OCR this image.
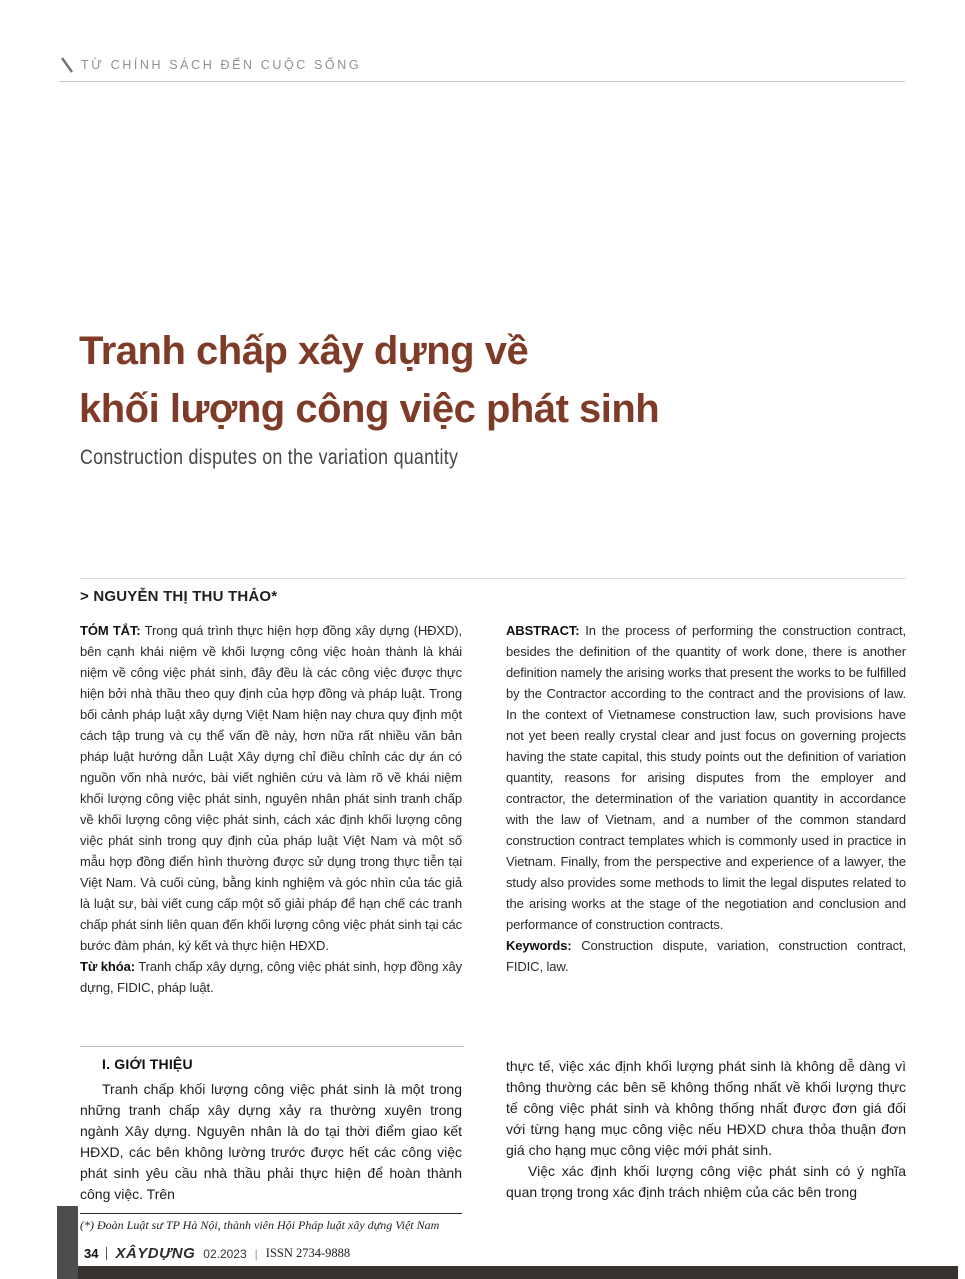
TỪ CHÍNH SÁCH ĐẾN CUỘC SỐNG
Tranh chấp xây dựng về
khối lượng công việc phát sinh
Construction disputes on the variation quantity
> NGUYỄN THỊ THU THẢO*

TÓM TẮT: Trong quá trình thực hiện hợp đồng xây dựng (HĐXD), bên cạnh khái niệm về khối lượng công việc hoàn thành là khái niệm về công việc phát sinh, đây đều là các công việc được thực hiện bởi nhà thầu theo quy định của hợp đồng và pháp luật. Trong bối cảnh pháp luật xây dựng Việt Nam hiện nay chưa quy định một cách tập trung và cụ thể vấn đề này, hơn nữa rất nhiều văn bản pháp luật hướng dẫn Luật Xây dựng chỉ điều chỉnh các dự án có nguồn vốn nhà nước, bài viết nghiên cứu và làm rõ về khái niệm khối lượng công việc phát sinh, nguyên nhân phát sinh tranh chấp về khối lượng công việc phát sinh, cách xác định khối lượng công việc phát sinh trong quy định của pháp luật Việt Nam và một số mẫu hợp đồng điển hình thường được sử dụng trong thực tiễn tại Việt Nam. Và cuối cùng, bằng kinh nghiệm và góc nhìn của tác giả là luật sư, bài viết cung cấp một số giải pháp để hạn chế các tranh chấp phát sinh liên quan đến khối lượng công việc phát sinh tại các bước đàm phán, ký kết và thực hiện HĐXD.

Từ khóa: Tranh chấp xây dựng, công việc phát sinh, hợp đồng xây dựng, FIDIC, pháp luật.

ABSTRACT: In the process of performing the construction contract, besides the definition of the quantity of work done, there is another definition namely the arising works that present the works to be fulfilled by the Contractor according to the contract and the provisions of law. In the context of Vietnamese construction law, such provisions have not yet been really crystal clear and just focus on governing projects having the state capital, this study points out the definition of variation quantity, reasons for arising disputes from the employer and contractor, the determination of the variation quantity in accordance with the law of Vietnam, and a number of the common standard construction contract templates which is commonly used in practice in Vietnam. Finally, from the perspective and experience of a lawyer, the study also provides some methods to limit the legal disputes related to the arising works at the stage of the negotiation and conclusion and performance of construction contracts.

Keywords: Construction dispute, variation, construction contract, FIDIC, law.

I. GIỚI THIỆU

Tranh chấp khối lượng công việc phát sinh là một trong những tranh chấp xây dựng xảy ra thường xuyên trong ngành Xây dựng. Nguyên nhân là do tại thời điểm giao kết HĐXD, các bên không lường trước được hết các công việc phát sinh yêu cầu nhà thầu phải thực hiện để hoàn thành công việc. Trên

(*) Đoàn Luật sư TP Hà Nội, thành viên Hội Pháp luật xây dựng Việt Nam

thực tế, việc xác định khối lượng phát sinh là không dễ dàng vì thông thường các bên sẽ không thống nhất về khối lượng thực tế công việc phát sinh và không thống nhất được đơn giá đối với từng hạng mục công việc nếu HĐXD chưa thỏa thuận đơn giá cho hạng mục công việc mới phát sinh.

Việc xác định khối lượng công việc phát sinh có ý nghĩa quan trọng trong xác định trách nhiệm của các bên trong

34 XÂYDỰNG 02.2023 | ISSN 2734-9888
